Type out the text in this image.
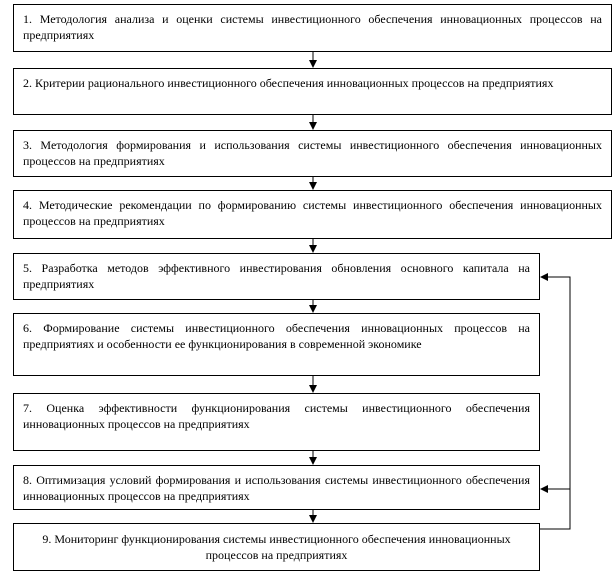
1. Методология анализа и оценки системы инвестиционного обеспечения инновационных процессов на предприятиях
2. Критерии рационального инвестиционного обеспечения инновационных процессов на предприятиях
3. Методология формирования и использования системы инвестиционного обеспечения инновационных процессов на предприятиях
4. Методические рекомендации по формированию системы инвестиционного обеспечения инновационных процессов на предприятиях
5. Разработка методов эффективного инвестирования обновления основного капитала на предприятиях
6. Формирование системы инвестиционного обеспечения инновационных процессов на предприятиях и особенности ее функционирования в современной экономике
7. Оценка эффективности функционирования системы инвестиционного обеспечения инновационных процессов на предприятиях
8. Оптимизация условий формирования и использования системы инвестиционного обеспечения инновационных процессов на предприятиях
9. Мониторинг функционирования системы инвестиционного обеспечения инновационных процессов на предприятиях
